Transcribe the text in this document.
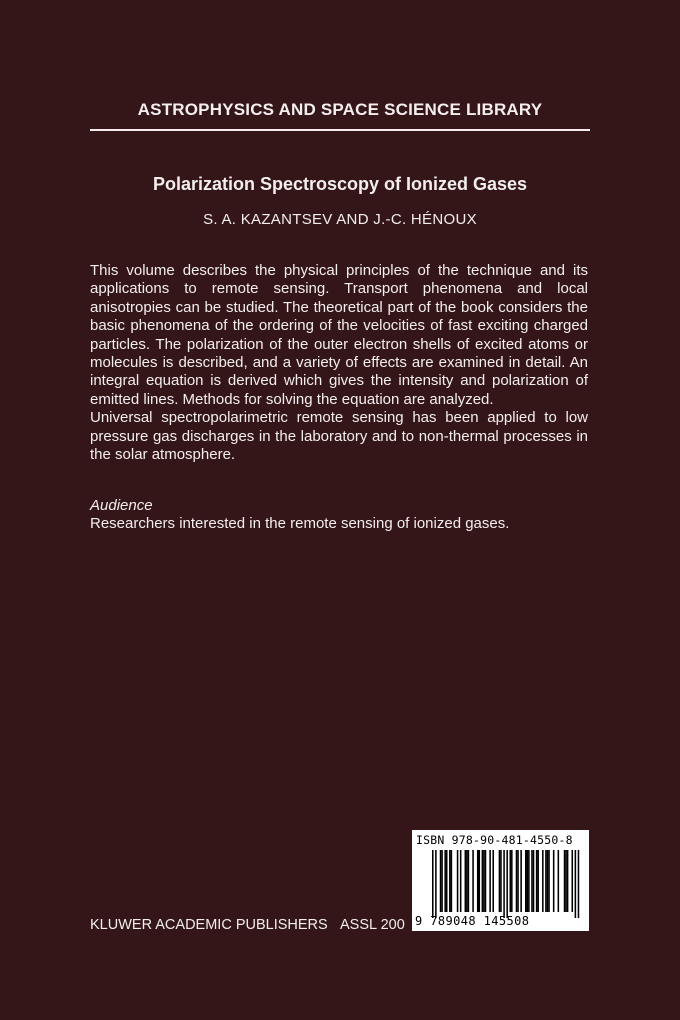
ASTROPHYSICS AND SPACE SCIENCE LIBRARY
Polarization Spectroscopy of Ionized Gases
S. A. KAZANTSEV AND J.-C. HÉNOUX

This volume describes the physical principles of the technique and its applications to remote sensing. Transport phenomena and local anisotropies can be studied. The theoretical part of the book considers the basic phenomena of the ordering of the velocities of fast exciting charged particles. The polarization of the outer electron shells of excited atoms or molecules is described, and a variety of effects are examined in detail. An integral equation is derived which gives the intensity and polarization of emitted lines. Methods for solving the equation are analyzed.

Universal spectropolarimetric remote sensing has been applied to low pressure gas discharges in the laboratory and to non-thermal processes in the solar atmosphere.

Audience
Researchers interested in the remote sensing of ionized gases.
KLUWER ACADEMIC PUBLISHERS ASSL 200
ISBN 978-90-481-4550-8
9 789048 145508
